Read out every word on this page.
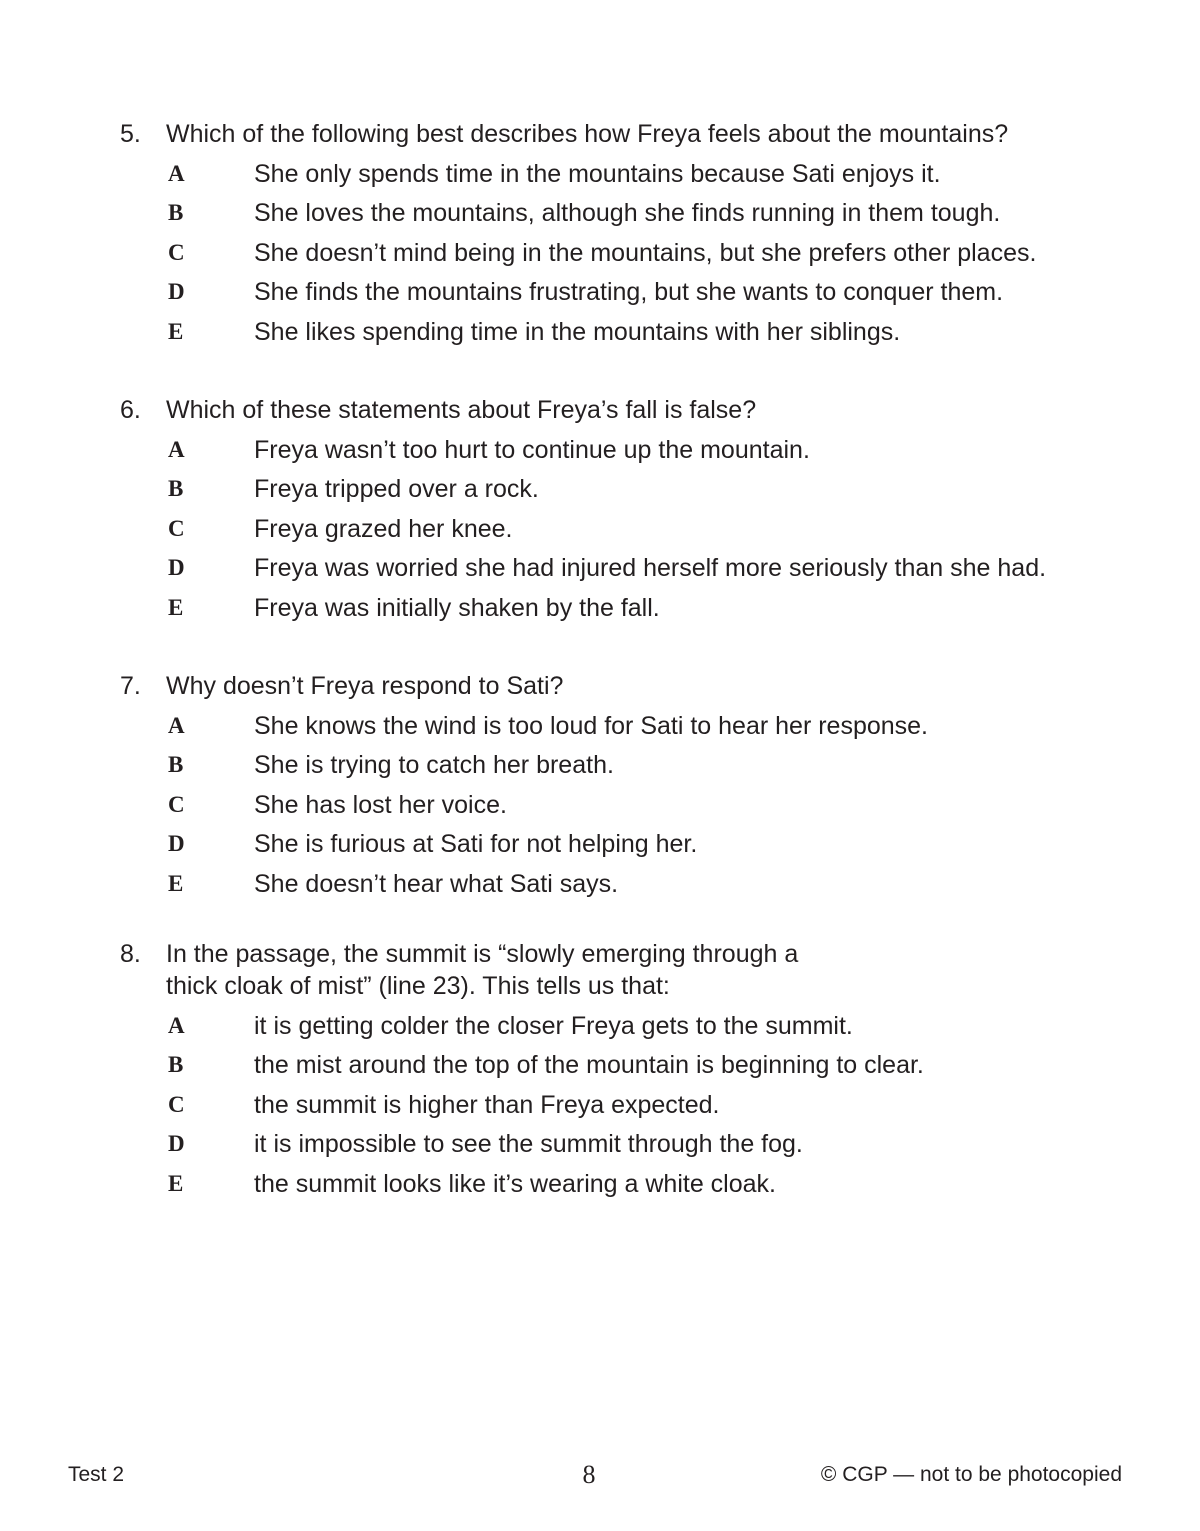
5.	Which of the following best describes how Freya feels about the mountains?
A	She only spends time in the mountains because Sati enjoys it.
B	She loves the mountains, although she finds running in them tough.
C	She doesn’t mind being in the mountains, but she prefers other places.
D	She finds the mountains frustrating, but she wants to conquer them.
E	She likes spending time in the mountains with her siblings.
6.	Which of these statements about Freya’s fall is false?
A	Freya wasn’t too hurt to continue up the mountain.
B	Freya tripped over a rock.
C	Freya grazed her knee.
D	Freya was worried she had injured herself more seriously than she had.
E	Freya was initially shaken by the fall.
7.	Why doesn’t Freya respond to Sati?
A	She knows the wind is too loud for Sati to hear her response.
B	She is trying to catch her breath.
C	She has lost her voice.
D	She is furious at Sati for not helping her.
E	She doesn’t hear what Sati says.
8.	In the passage, the summit is “slowly emerging through a
thick cloak of mist” (line 23). This tells us that:
A	it is getting colder the closer Freya gets to the summit.
B	the mist around the top of the mountain is beginning to clear.
C	the summit is higher than Freya expected.
D	it is impossible to see the summit through the fog.
E	the summit looks like it’s wearing a white cloak.
Test 2	8	© CGP — not to be photocopied
